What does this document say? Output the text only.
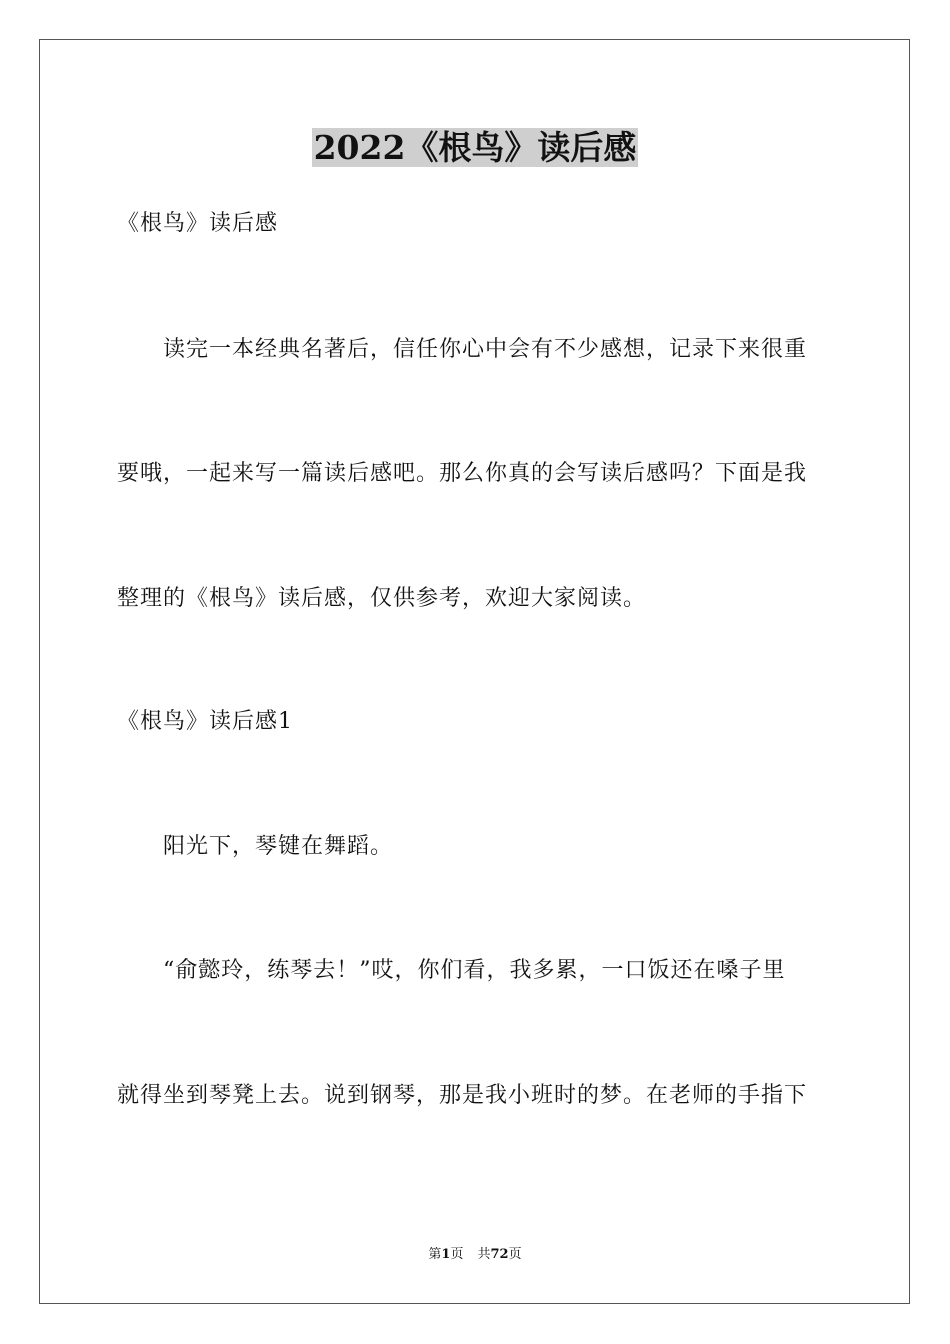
2022《根鸟》读后感
《根鸟》读后感
读完一本经典名著后，信任你心中会有不少感想，记录下来很重
要哦，一起来写一篇读后感吧。那么你真的会写读后感吗？下面是我
整理的《根鸟》读后感，仅供参考，欢迎大家阅读。
《根鸟》读后感1
阳光下，琴键在舞蹈。
“俞懿玲，练琴去！”哎，你们看，我多累，一口饭还在嗓子里
就得坐到琴凳上去。说到钢琴，那是我小班时的梦。在老师的手指下
第1页 共72页
